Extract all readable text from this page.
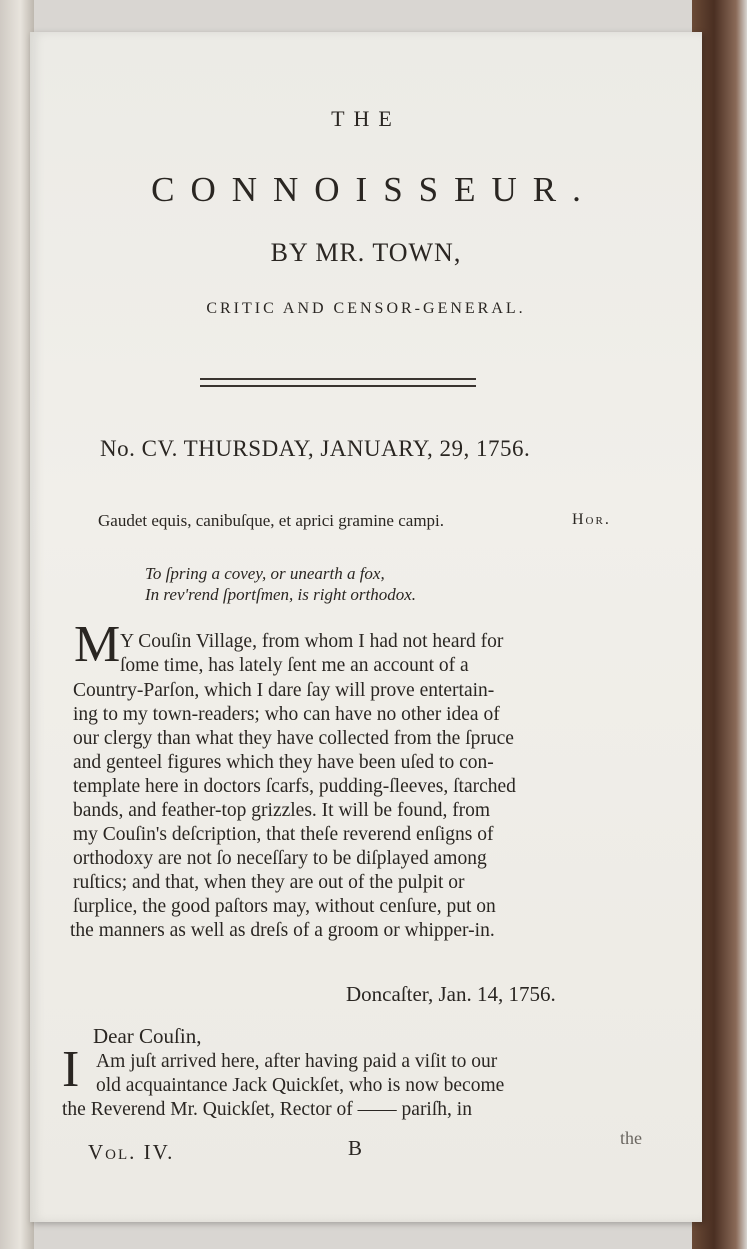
THE
CONNOISSEUR.
BY MR. TOWN,
CRITIC AND CENSOR-GENERAL.
No. CV. THURSDAY, JANUARY, 29, 1756.
Gaudet equis, canibuſque, et aprici gramine campi.	Hor.
To ſpring a covey, or unearth a fox,
In rev'rend ſportſmen, is right orthodox.
M Y Couſin Village, from whom I had not heard for
ſome time, has lately ſent me an account of a
Country-Parſon, which I dare ſay will prove entertain-
ing to my town-readers; who can have no other idea of
our clergy than what they have collected from the ſpruce
and genteel figures which they have been uſed to con-
template here in doctors ſcarfs, pudding-ſleeves, ſtarched
bands, and feather-top grizzles. It will be found, from
my Couſin's deſcription, that theſe reverend enſigns of
orthodoxy are not ſo neceſſary to be diſplayed among
ruſtics; and that, when they are out of the pulpit or
ſurplice, the good paſtors may, without cenſure, put on
the manners as well as dreſs of a groom or whipper-in.
Doncaſter, Jan. 14, 1756.
Dear Couſin,
I Am juſt arrived here, after having paid a viſit to our
old acquaintance Jack Quickſet, who is now become
the Reverend Mr. Quickſet, Rector of —— pariſh, in
Vol. IV.	B	the
